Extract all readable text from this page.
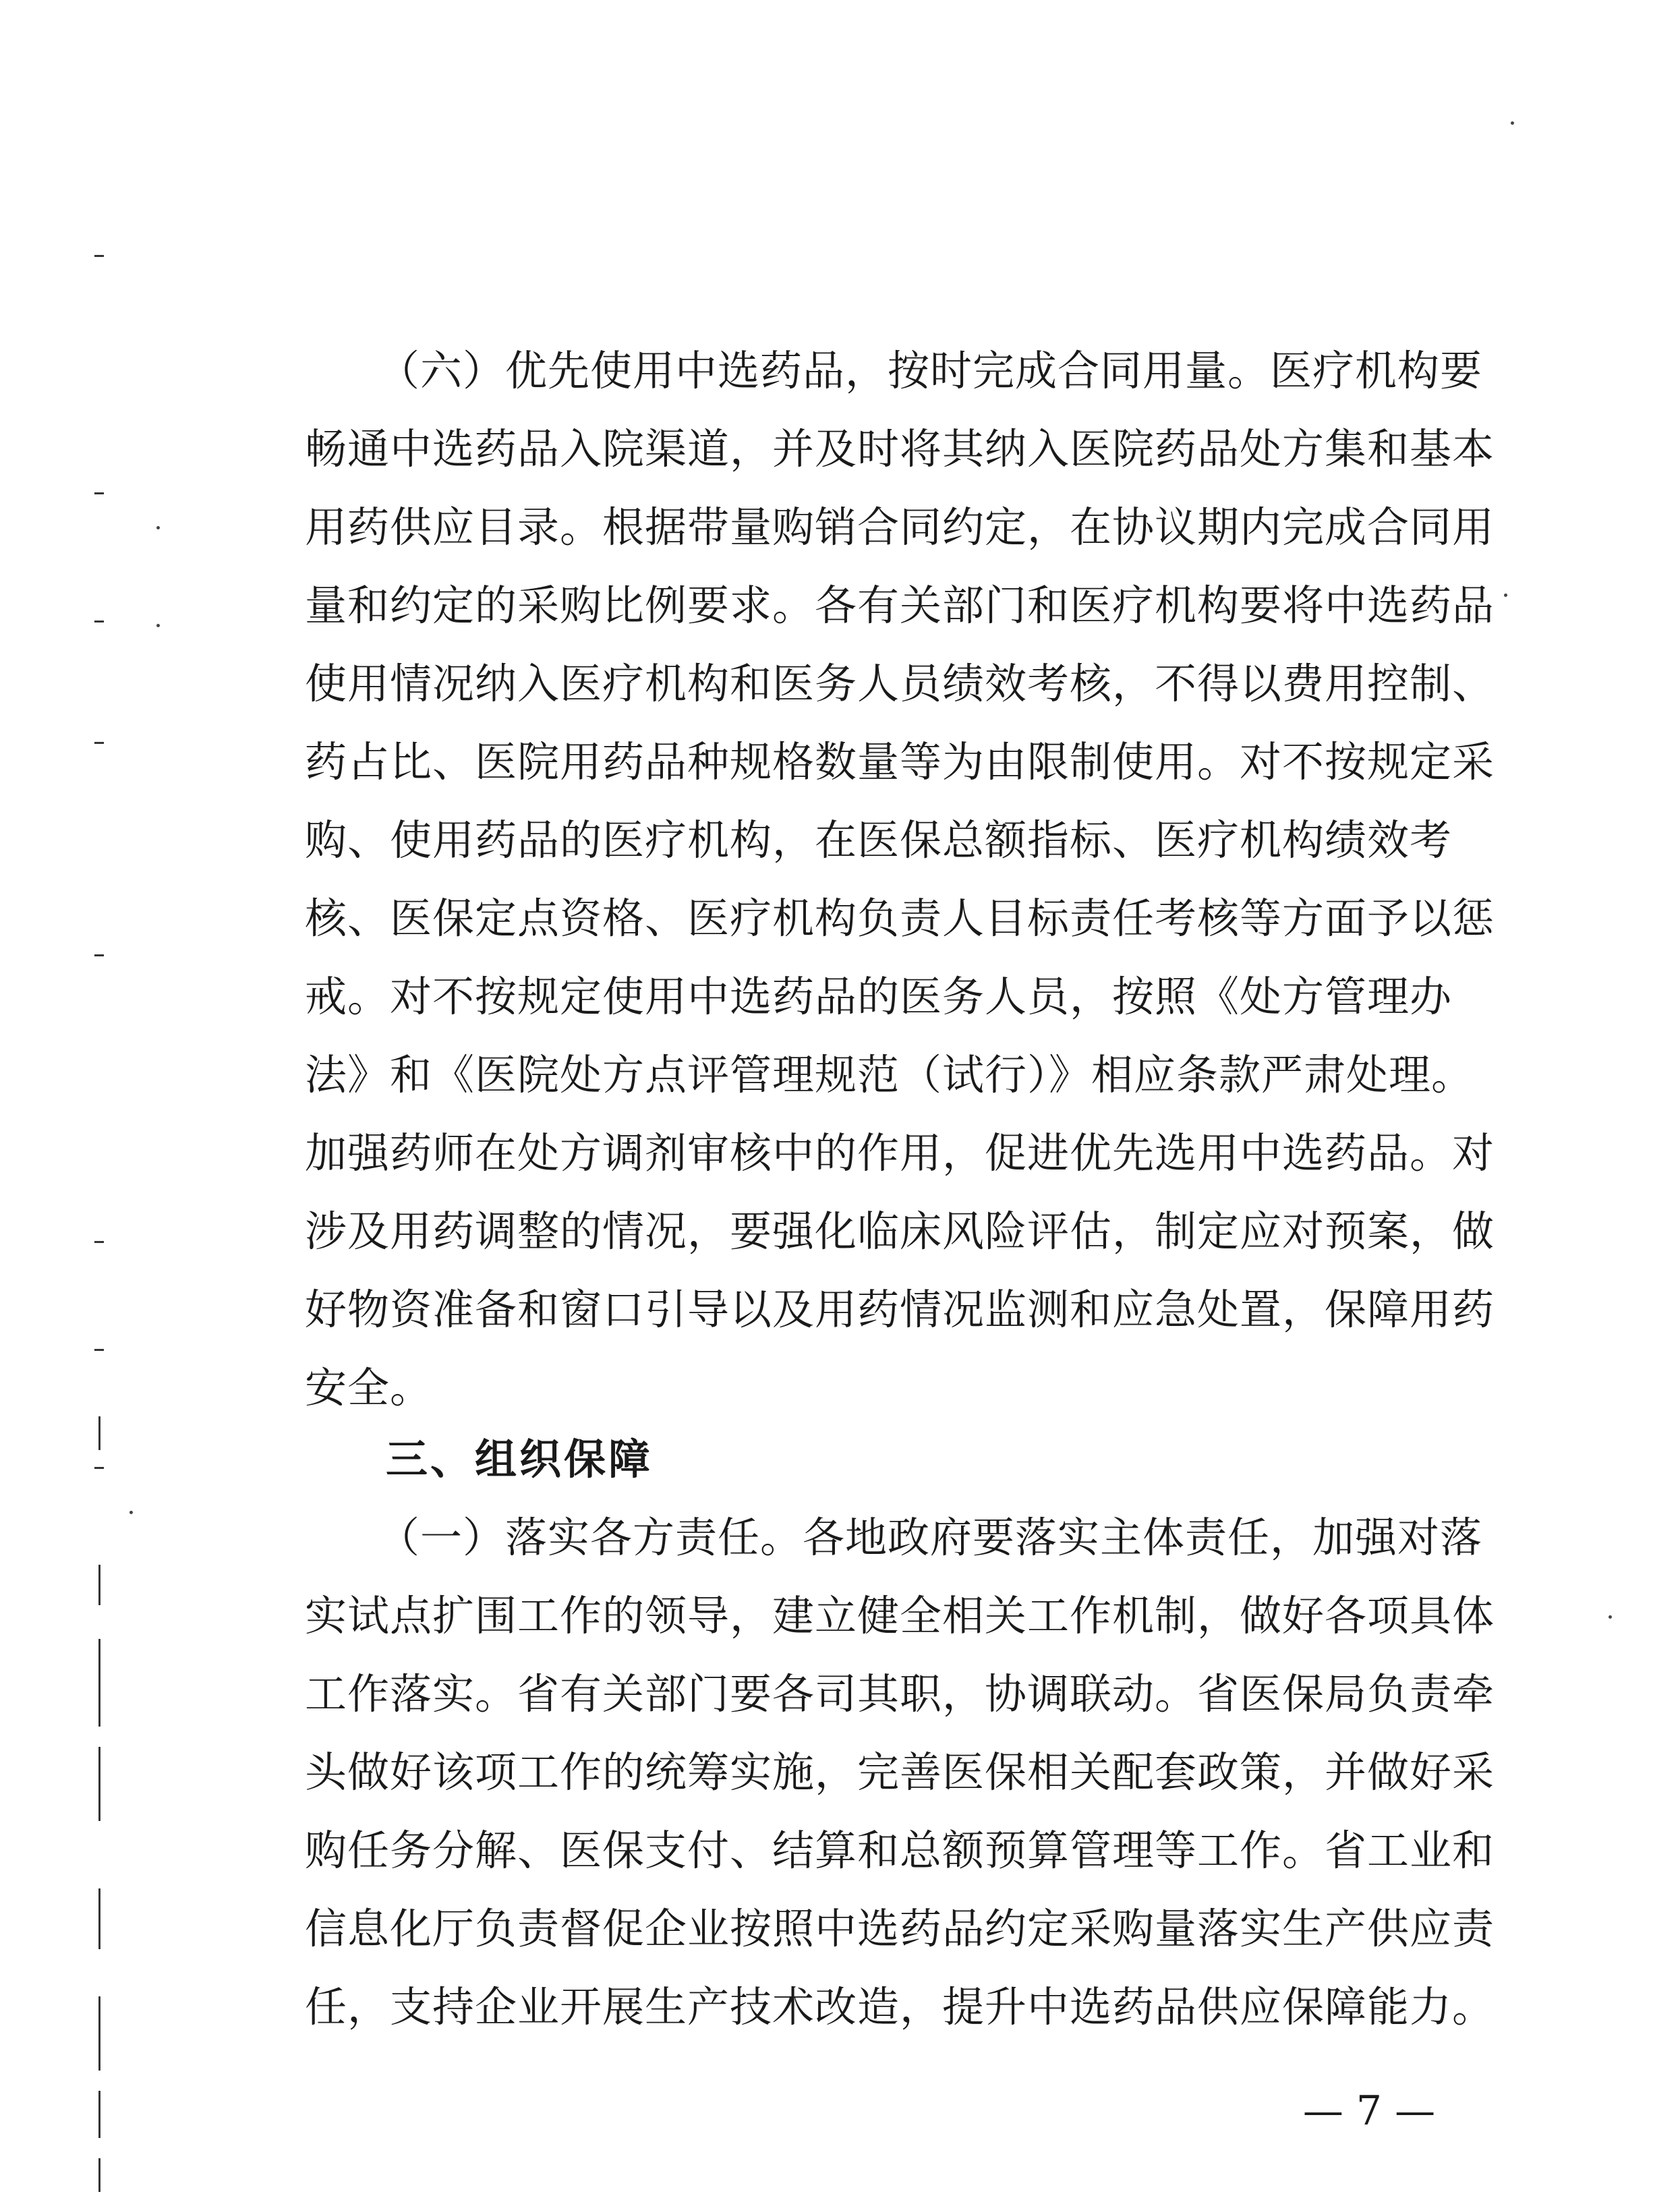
（六）优先使用中选药品，按时完成合同用量。医疗机构要
畅通中选药品入院渠道，并及时将其纳入医院药品处方集和基本
用药供应目录。根据带量购销合同约定，在协议期内完成合同用
量和约定的采购比例要求。各有关部门和医疗机构要将中选药品
使用情况纳入医疗机构和医务人员绩效考核，不得以费用控制、
药占比、医院用药品种规格数量等为由限制使用。对不按规定采
购、使用药品的医疗机构，在医保总额指标、医疗机构绩效考
核、医保定点资格、医疗机构负责人目标责任考核等方面予以惩
戒。对不按规定使用中选药品的医务人员，按照《处方管理办
法》和《医院处方点评管理规范（试行）》相应条款严肃处理。
加强药师在处方调剂审核中的作用，促进优先选用中选药品。对
涉及用药调整的情况，要强化临床风险评估，制定应对预案，做
好物资准备和窗口引导以及用药情况监测和应急处置，保障用药
安全。
三、组织保障
（一）落实各方责任。各地政府要落实主体责任，加强对落
实试点扩围工作的领导，建立健全相关工作机制，做好各项具体
工作落实。省有关部门要各司其职，协调联动。省医保局负责牵
头做好该项工作的统筹实施，完善医保相关配套政策，并做好采
购任务分解、医保支付、结算和总额预算管理等工作。省工业和
信息化厅负责督促企业按照中选药品约定采购量落实生产供应责
任，支持企业开展生产技术改造，提升中选药品供应保障能力。
— 7 —
